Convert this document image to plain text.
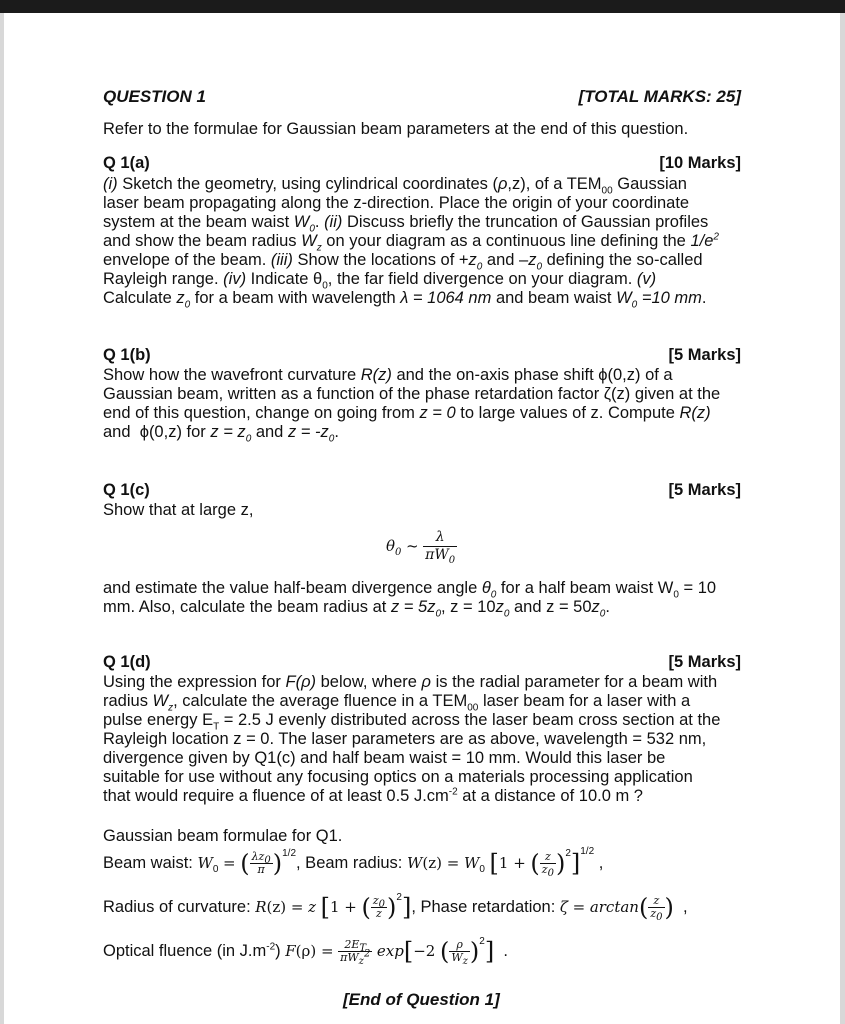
QUESTION 1	[TOTAL MARKS: 25]
Refer to the formulae for Gaussian beam parameters at the end of this question.
Q 1(a)	[10 Marks]
(i) Sketch the geometry, using cylindrical coordinates (ρ,z), of a $TEM_{00}$ Gaussian
laser beam propagating along the z-direction. Place the origin of your coordinate
system at the beam waist $W_0$. (ii) Discuss briefly the truncation of Gaussian profiles
and show the beam radius $W_z$ on your diagram as a continuous line defining the $1/e^2$
envelope of the beam. (iii) Show the locations of $+z_0$ and $-z_0$ defining the so-called
Rayleigh range. (iv) Indicate $\theta_0$, the far field divergence on your diagram. (v)
Calculate $z_0$ for a beam with wavelength λ = 1064 nm and beam waist $W_0 =10$ mm.
Q 1(b)	[5 Marks]
Show how the wavefront curvature R(z) and the on-axis phase shift ϕ(0,z) of a
Gaussian beam, written as a function of the phase retardation factor ζ(z) given at the
end of this question, change on going from z = 0 to large values of z. Compute R(z)
and  ϕ(0,z) for $z = z_0$ and $z = -z_0$.
Q 1(c)	[5 Marks]
Show that at large z,
$\theta_0$ ~ $\frac{\lambda}{\pi W_0}$
and estimate the value half-beam divergence angle $\theta_0$ for a half beam waist $W_0 = 10$
mm. Also, calculate the beam radius at $z = 5z_0$, $z = 10z_0$ and $z = 50z_0$.
Q 1(d)	[5 Marks]
Using the expression for F(ρ) below, where ρ is the radial parameter for a beam with
radius $W_z$, calculate the average fluence in a $TEM_{00}$ laser beam for a laser with a
pulse energy $E_T = 2.5$ J evenly distributed across the laser beam cross section at the
Rayleigh location z = 0. The laser parameters are as above, wavelength = 532 nm,
divergence given by Q1(c) and half beam waist = 10 mm. Would this laser be
suitable for use without any focusing optics on a materials processing application
that would require a fluence of at least 0.5 $J.cm^{-2}$ at a distance of 10.0 m ?
Gaussian beam formulae for Q1.
Beam waist: $W_0$ = ( $\frac{\lambda z_0}{\pi} )^{1/2}$, Beam radius: $W(z) = W_0$ [1 + ( $\frac{z}{z_0} )^2]^{1/2}$ ,
Radius of curvature: R(z) = z [1 + ( $\frac{z_0}{z} )^2$], Phase retardation: $\zeta = \arctan( \frac{z}{z_0}$ )  ,
Optical fluence (in $J.m^{-2}$) $F(\rho) = \frac{2E_T}{\pi W_z^2} \exp[-2$ ( $\frac{\rho}{W_z} )^2$]  .
[End of Question 1]
